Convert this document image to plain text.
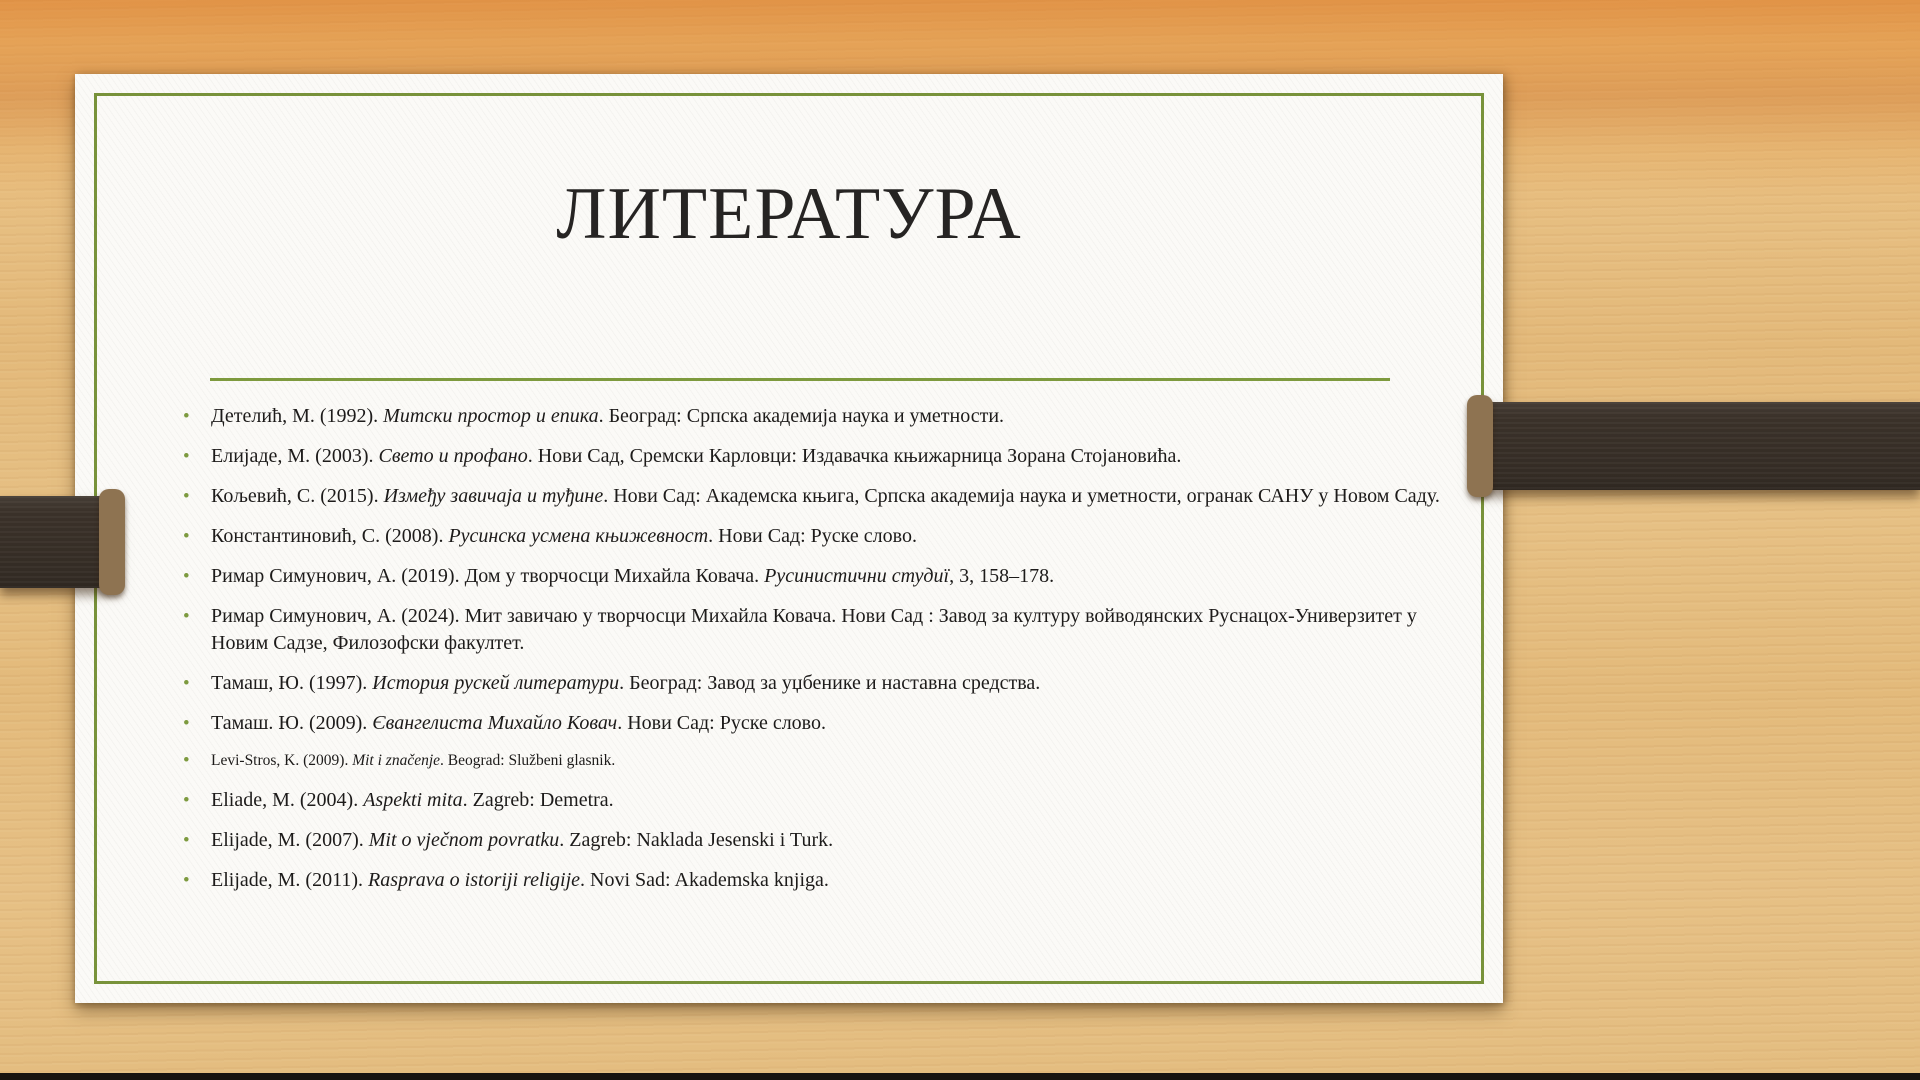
ЛИТЕРАТУРА
• Детелић, М. (1992). Митски простор и епика. Београд: Српска академија наука и уметности.
• Елијаде, М. (2003). Свето и профано. Нови Сад, Сремски Карловци: Издавачка књижарница Зорана Стојановића.
• Кољевић, С. (2015). Између завичаја и туђине. Нови Сад: Академска књига, Српска академија наука и уметности, огранак САНУ у Новом Саду.
• Константиновић, С. (2008). Русинска усмена књижевност. Нови Сад: Руске слово.
• Римар Симунович, А. (2019). Дом у творчосци Михайла Ковача. Русинистични студиї, 3, 158–178.
• Римар Симунович, А. (2024). Мит завичаю у творчосци Михайла Ковача. Нови Сад : Завод за културу войводянских Руснацох-Универзитет у Новим Садзе, Филозофски факултет.
• Тамаш, Ю. (1997). История рускей литератури. Београд: Завод за уџбенике и наставна средства.
• Тамаш. Ю. (2009). Євангелиста Михайло Ковач. Нови Сад: Руске слово.
• Levi-Stros, K. (2009). Mit i značenje. Beograd: Službeni glasnik.
• Eliade, M. (2004). Aspekti mita. Zagreb: Demetra.
• Elijade, M. (2007). Mit o vječnom povratku. Zagreb: Naklada Jesenski i Turk.
• Elijade, M. (2011). Rasprava o istoriji religije. Novi Sad: Akademska knjiga.
